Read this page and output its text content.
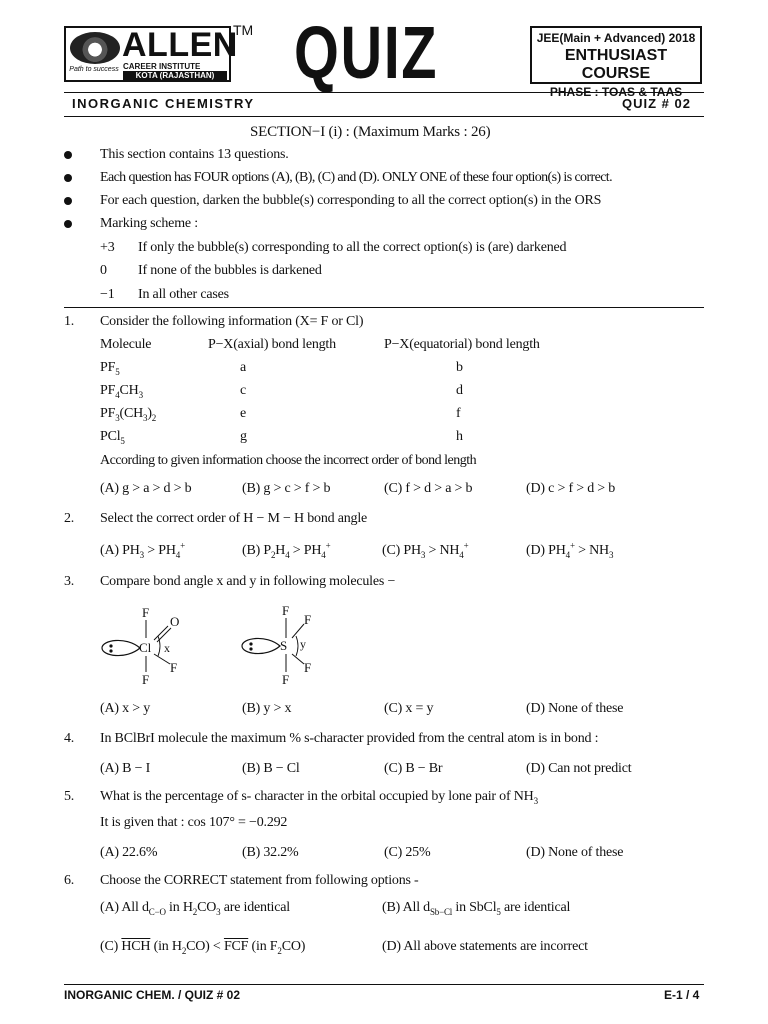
Path to success
ALLEN
CAREER INSTITUTE
KOTA (RAJASTHAN)
TM QUIZ	JEE(Main + Advanced) 2018
ENTHUSIAST COURSE
PHASE : TOAS & TAAS
INORGANIC CHEMISTRY	QUIZ # 02
SECTION−I (i) : (Maximum Marks : 26)
This section contains 13 questions.
Each question has FOUR options (A), (B), (C) and (D). ONLY ONE of these four option(s) is correct.
For each question, darken the bubble(s) corresponding to all the correct option(s) in the ORS
Marking scheme :
+3 If only the bubble(s) corresponding to all the correct option(s) is (are) darkened
0 If none of the bubbles is darkened
−1 In all other cases
1. Consider the following information (X= F or Cl)
Molecule	P−X(axial) bond length	P−X(equatorial) bond length
$PF_5$	a	b
$PF_4CH_3$	c	d
$PF_3(CH_3)_2$	e	f
PCl$_5$	g	h
According to given information choose the incorrect order of bond length
(A) g > a > d > b	(B) g > c > f > b	(C) f > d > a > b	(D) c > f > d > b
2. Select the correct order of H − M − H bond angle
(A) $PH_3 > PH_4^+$	(B) $P_2H_4 > PH_4^+$	(C) $PH_3 > NH_4^+$	(D) $PH_4^+ > NH_3$
3. Compare bond angle x and y in following molecules −
F
Cl
O
x
F
F
F
S
F
y
F
F
(A) x > y	(B) y > x	(C) x = y	(D) None of these
4. In BClBrI molecule the maximum % s-character provided from the central atom is in bond :
(A) B − I	(B) B − Cl	(C) B − Br	(D) Can not predict
5. What is the percentage of s- character in the orbital occupied by lone pair of $NH_3$
It is given that : cos 107° = −0.292
(A) 22.6%	(B) 32.2%	(C) 25%	(D) None of these
6. Choose the CORRECT statement from following options -
(A) All $d_{C-O}$ in $H_2CO_3$ are identical	(B) All $d_{Sb-Cl}$ in SbCl$_5$ are identical
(C) $\overline{HCH}$ (in $H_2CO) < \overline{FCF}$ (in $F_2CO$)	(D) All above statements are incorrect
INORGANIC CHEM. / QUIZ # 02	E-1 / 4
